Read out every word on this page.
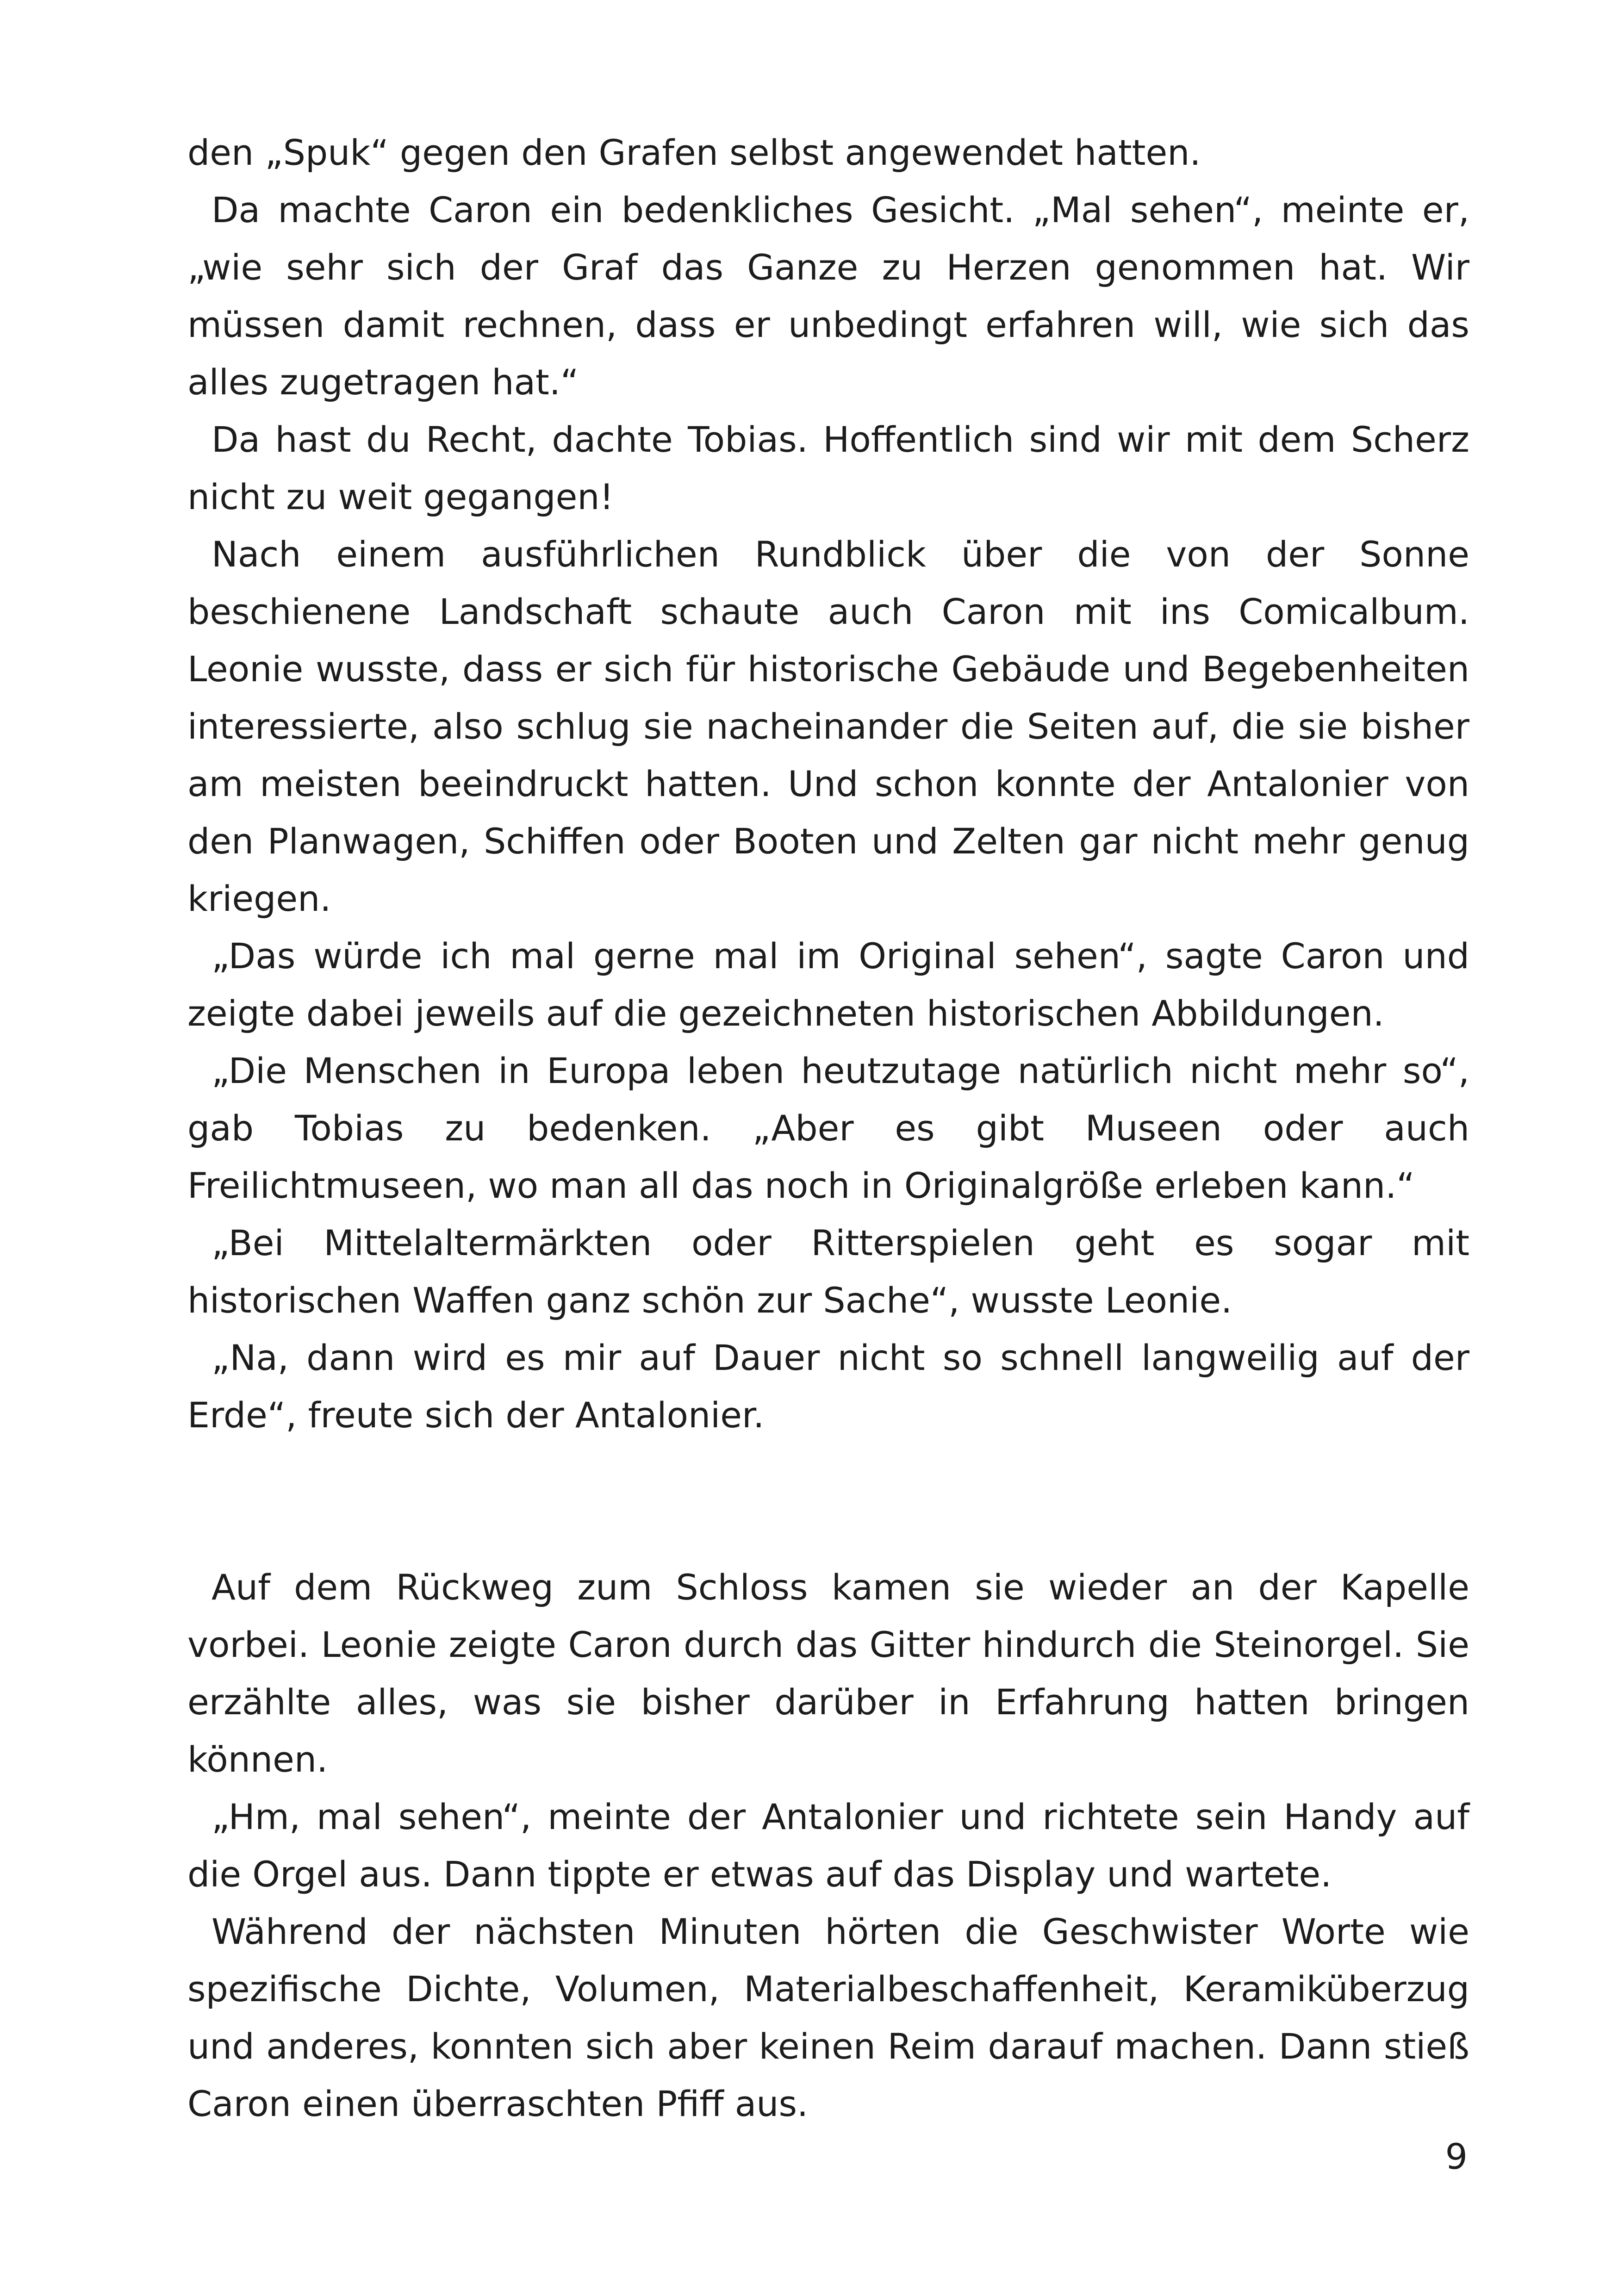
den „Spuk“ gegen den Grafen selbst angewendet hatten.

Da machte Caron ein bedenkliches Gesicht. „Mal sehen“, meinte er, „wie sehr sich der Graf das Ganze zu Herzen genommen hat. Wir müssen damit rechnen, dass er unbedingt erfahren will, wie sich das alles zugetragen hat.“

Da hast du Recht, dachte Tobias. Hoffentlich sind wir mit dem Scherz nicht zu weit gegangen!

Nach einem ausführlichen Rundblick über die von der Sonne beschienene Landschaft schaute auch Caron mit ins Comicalbum. Leonie wusste, dass er sich für historische Gebäude und Begebenheiten interessierte, also schlug sie nacheinander die Seiten auf, die sie bisher am meisten beeindruckt hatten. Und schon konnte der Antalonier von den Planwagen, Schiffen oder Booten und Zelten gar nicht mehr genug kriegen.

„Das würde ich mal gerne mal im Original sehen“, sagte Caron und zeigte dabei jeweils auf die gezeichneten historischen Abbildungen.

„Die Menschen in Europa leben heutzutage natürlich nicht mehr so“, gab Tobias zu bedenken. „Aber es gibt Museen oder auch Freilichtmuseen, wo man all das noch in Originalgröße erleben kann.“

„Bei Mittelaltermärkten oder Ritterspielen geht es sogar mit historischen Waffen ganz schön zur Sache“, wusste Leonie.

„Na, dann wird es mir auf Dauer nicht so schnell langweilig auf der Erde“, freute sich der Antalonier.

Auf dem Rückweg zum Schloss kamen sie wieder an der Kapelle vorbei. Leonie zeigte Caron durch das Gitter hindurch die Steinorgel. Sie erzählte alles, was sie bisher darüber in Erfahrung hatten bringen können.

„Hm, mal sehen“, meinte der Antalonier und richtete sein Handy auf die Orgel aus. Dann tippte er etwas auf das Display und wartete.

Während der nächsten Minuten hörten die Geschwister Worte wie spezifische Dichte, Volumen, Materialbeschaffenheit, Keramiküberzug und anderes, konnten sich aber keinen Reim darauf machen. Dann stieß Caron einen überraschten Pfiff aus.

9
